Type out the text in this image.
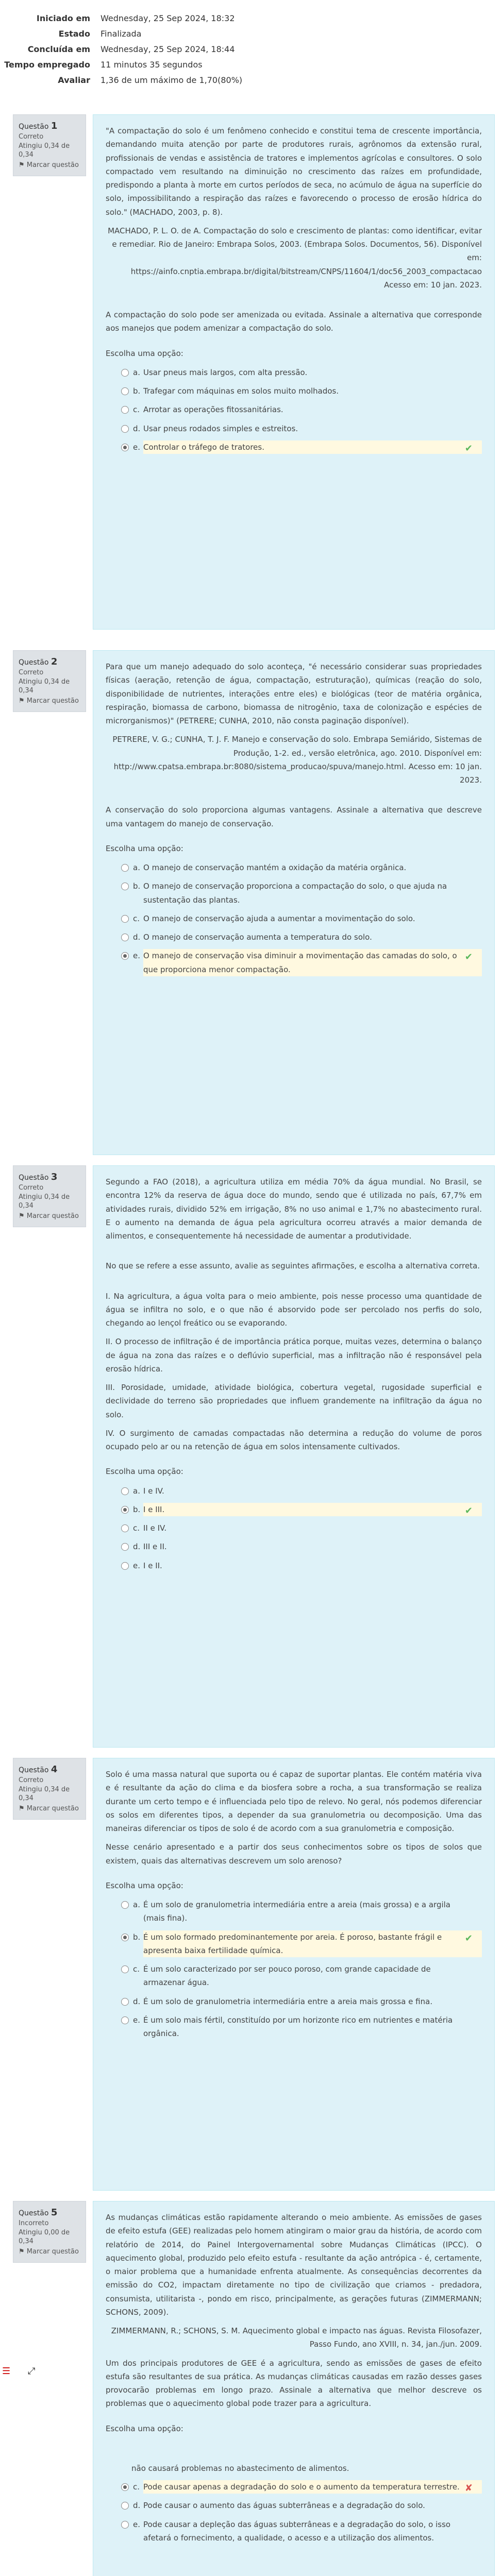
Iniciado em	Wednesday, 25 Sep 2024, 18:32
Estado	Finalizada
Concluída em	Wednesday, 25 Sep 2024, 18:44
Tempo empregado	11 minutos 35 segundos
Avaliar	1,36 de um máximo de 1,70(80%)
Questão 1
Correto
Atingiu 0,34 de 0,34
⚑ Marcar questão

"A compactação do solo é um fenômeno conhecido e constitui tema de crescente importância, demandando muita atenção por parte de produtores rurais, agrônomos da extensão rural, profissionais de vendas e assistência de tratores e implementos agrícolas e consultores. O solo compactado vem resultando na diminuição no crescimento das raízes em profundidade, predispondo a planta à morte em curtos períodos de seca, no acúmulo de água na superfície do solo, impossibilitando a respiração das raízes e favorecendo o processo de erosão hídrica do solo." (MACHADO, 2003, p. 8).

MACHADO, P. L. O. de A. Compactação do solo e crescimento de plantas: como identificar, evitar e remediar. Rio de Janeiro: Embrapa Solos, 2003. (Embrapa Solos. Documentos, 56). Disponível em:
https://ainfo.cnptia.embrapa.br/digital/bitstream/CNPS/11604/1/doc56_2003_compactacao
Acesso em: 10 jan. 2023.

A compactação do solo pode ser amenizada ou evitada. Assinale a alternativa que corresponde aos manejos que podem amenizar a compactação do solo.

Escolha uma opção:
a. Usar pneus mais largos, com alta pressão.
b. Trafegar com máquinas em solos muito molhados.
c. Arrotar as operações fitossanitárias.
d. Usar pneus rodados simples e estreitos.
e. Controlar o tráfego de tratores.	✔
Questão 2
Correto
Atingiu 0,34 de 0,34
⚑ Marcar questão

Para que um manejo adequado do solo aconteça, "é necessário considerar suas propriedades físicas (aeração, retenção de água, compactação, estruturação), químicas (reação do solo, disponibilidade de nutrientes, interações entre eles) e biológicas (teor de matéria orgânica, respiração, biomassa de carbono, biomassa de nitrogênio, taxa de colonização e espécies de microrganismos)" (PETRERE; CUNHA, 2010, não consta paginação disponível).

PETRERE, V. G.; CUNHA, T. J. F. Manejo e conservação do solo. Embrapa Semiárido, Sistemas de Produção, 1-2. ed., versão eletrônica, ago. 2010. Disponível em:
http://www.cpatsa.embrapa.br:8080/sistema_producao/spuva/manejo.html. Acesso em: 10 jan. 2023.

A conservação do solo proporciona algumas vantagens. Assinale a alternativa que descreve uma vantagem do manejo de conservação.

Escolha uma opção:
a. O manejo de conservação mantém a oxidação da matéria orgânica.
b. O manejo de conservação proporciona a compactação do solo, o que ajuda na sustentação das plantas.
c. O manejo de conservação ajuda a aumentar a movimentação do solo.
d. O manejo de conservação aumenta a temperatura do solo.
e. O manejo de conservação visa diminuir a movimentação das camadas do solo, o que proporciona menor compactação.
✔
Questão 3
Correto
Atingiu 0,34 de 0,34
⚑ Marcar questão

Segundo a FAO (2018), a agricultura utiliza em média 70% da água mundial. No Brasil, se encontra 12% da reserva de água doce do mundo, sendo que é utilizada no país, 67,7% em atividades rurais, dividido 52% em irrigação, 8% no uso animal e 1,7% no abastecimento rural. E o aumento na demanda de água pela agricultura ocorreu através a maior demanda de alimentos, e consequentemente há necessidade de aumentar a produtividade.

No que se refere a esse assunto, avalie as seguintes afirmações, e escolha a alternativa correta.

I. Na agricultura, a água volta para o meio ambiente, pois nesse processo uma quantidade de água se infiltra no solo, e o que não é absorvido pode ser percolado nos perfis do solo, chegando ao lençol freático ou se evaporando.

II. O processo de infiltração é de importância prática porque, muitas vezes, determina o balanço de água na zona das raízes e o deflúvio superficial, mas a infiltração não é responsável pela erosão hídrica.

III. Porosidade, umidade, atividade biológica, cobertura vegetal, rugosidade superficial e declividade do terreno são propriedades que influem grandemente na infiltração da água no solo.

IV. O surgimento de camadas compactadas não determina a redução do volume de poros ocupado pelo ar ou na retenção de água em solos intensamente cultivados.

Escolha uma opção:
a. I e IV.
b. I e III.	✔
c. II e IV.
d. III e II.
e. I e II.
Questão 4
Correto
Atingiu 0,34 de 0,34
⚑ Marcar questão

Solo é uma massa natural que suporta ou é capaz de suportar plantas. Ele contém matéria viva e é resultante da ação do clima e da biosfera sobre a rocha, a sua transformação se realiza durante um certo tempo e é influenciada pelo tipo de relevo. No geral, nós podemos diferenciar os solos em diferentes tipos, a depender da sua granulometria ou decomposição. Uma das maneiras diferenciar os tipos de solo é de acordo com a sua granulometria e composição.

Nesse cenário apresentado e a partir dos seus conhecimentos sobre os tipos de solos que existem, quais das alternativas descrevem um solo arenoso?

Escolha uma opção:
a. É um solo de granulometria intermediária entre a areia (mais grossa) e a argila (mais fina).
b. É um solo formado predominantemente por areia. É poroso, bastante frágil e apresenta baixa fertilidade química.
✔
c. É um solo caracterizado por ser pouco poroso, com grande capacidade de armazenar água.
d. É um solo de granulometria intermediária entre a areia mais grossa e fina.
e. É um solo mais fértil, constituído por um horizonte rico em nutrientes e matéria orgânica.
Questão 5
Incorreto
Atingiu 0,00 de 0,34
⚑ Marcar questão

As mudanças climáticas estão rapidamente alterando o meio ambiente. As emissões de gases de efeito estufa (GEE) realizadas pelo homem atingiram o maior grau da história, de acordo com relatório de 2014, do Painel Intergovernamental sobre Mudanças Climáticas (IPCC). O aquecimento global, produzido pelo efeito estufa - resultante da ação antrópica - é, certamente, o maior problema que a humanidade enfrenta atualmente. As consequências decorrentes da emissão do CO2, impactam diretamente no tipo de civilização que criamos - predadora, consumista, utilitarista -, pondo em risco, principalmente, as gerações futuras (ZIMMERMANN; SCHONS, 2009).

ZIMMERMANN, R.; SCHONS, S. M. Aquecimento global e impacto nas águas. Revista Filosofazer, Passo Fundo, ano XVIII, n. 34, jan./jun. 2009.

Um dos principais produtores de GEE é a agricultura, sendo as emissões de gases de efeito estufa são resultantes de sua prática. As mudanças climáticas causadas em razão desses gases provocarão problemas em longo prazo. Assinale a alternativa que melhor descreve os problemas que o aquecimento global pode trazer para a agricultura.

Escolha uma opção:
não causará problemas no abastecimento de alimentos.
c. Pode causar apenas a degradação do solo e o aumento da temperatura terrestre. ✘
d. Pode causar o aumento das águas subterrâneas e a degradação do solo.
e. Pode causar a depleção das águas subterrâneas e a degradação do solo, o isso afetará o fornecimento, a qualidade, o acesso e a utilização dos alimentos.
☰ ⤢
